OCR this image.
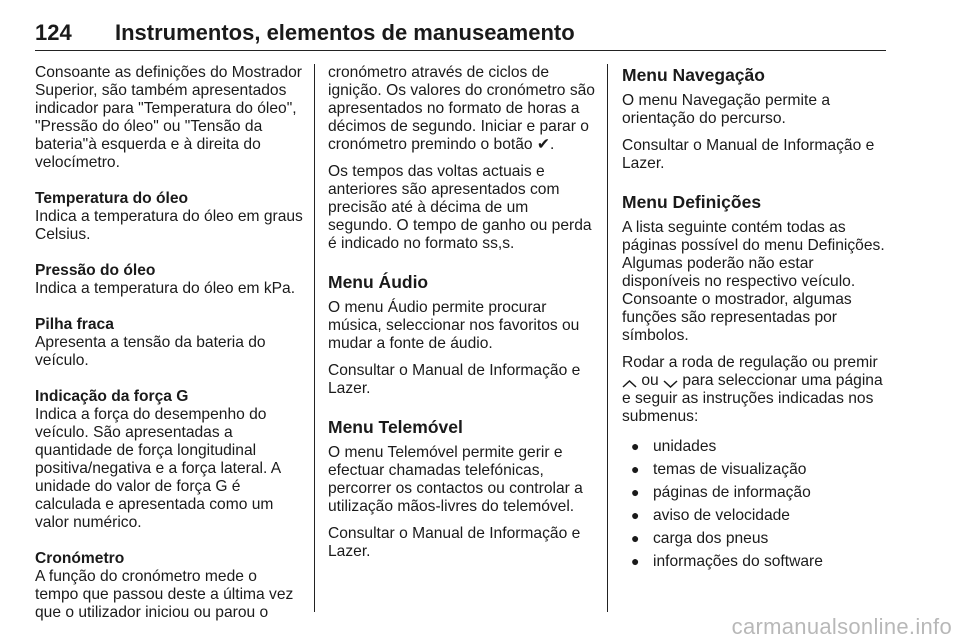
124 Instrumentos, elementos de manuseamento

Consoante as definições do Mostrador Superior, são também apresentados indicador para "Temperatura do óleo", "Pressão do óleo" ou "Tensão da bateria"à esquerda e à direita do velocímetro.

Temperatura do óleo

Indica a temperatura do óleo em graus Celsius.

Pressão do óleo

Indica a temperatura do óleo em kPa.

Pilha fraca

Apresenta a tensão da bateria do veículo.

Indicação da força G

Indica a força do desempenho do veículo. São apresentadas a quantidade de força longitudinal positiva/negativa e a força lateral. A unidade do valor de força G é calculada e apresentada como um valor numérico.

Cronómetro

A função do cronómetro mede o tempo que passou deste a última vez que o utilizador iniciou ou parou o

cronómetro através de ciclos de ignição. Os valores do cronómetro são apresentados no formato de horas a décimos de segundo. Iniciar e parar o cronómetro premindo o botão ✔.

Os tempos das voltas actuais e anteriores são apresentados com precisão até à décima de um segundo. O tempo de ganho ou perda é indicado no formato ss,s.

Menu Áudio

O menu Áudio permite procurar música, seleccionar nos favoritos ou mudar a fonte de áudio.

Consultar o Manual de Informação e Lazer.

Menu Telemóvel

O menu Telemóvel permite gerir e efectuar chamadas telefónicas, percorrer os contactos ou controlar a utilização mãos-livres do telemóvel.

Consultar o Manual de Informação e Lazer.

Menu Navegação

O menu Navegação permite a orientação do percurso.

Consultar o Manual de Informação e Lazer.

Menu Definições

A lista seguinte contém todas as páginas possível do menu Definições. Algumas poderão não estar disponíveis no respectivo veículo. Consoante o mostrador, algumas funções são representadas por símbolos.

Rodar a roda de regulação ou premir
ou para seleccionar uma página e seguir as instruções indicadas nos submenus:

● unidades
● temas de visualização
● páginas de informação
● aviso de velocidade
● carga dos pneus
● informações do software
carmanualsonline.info
